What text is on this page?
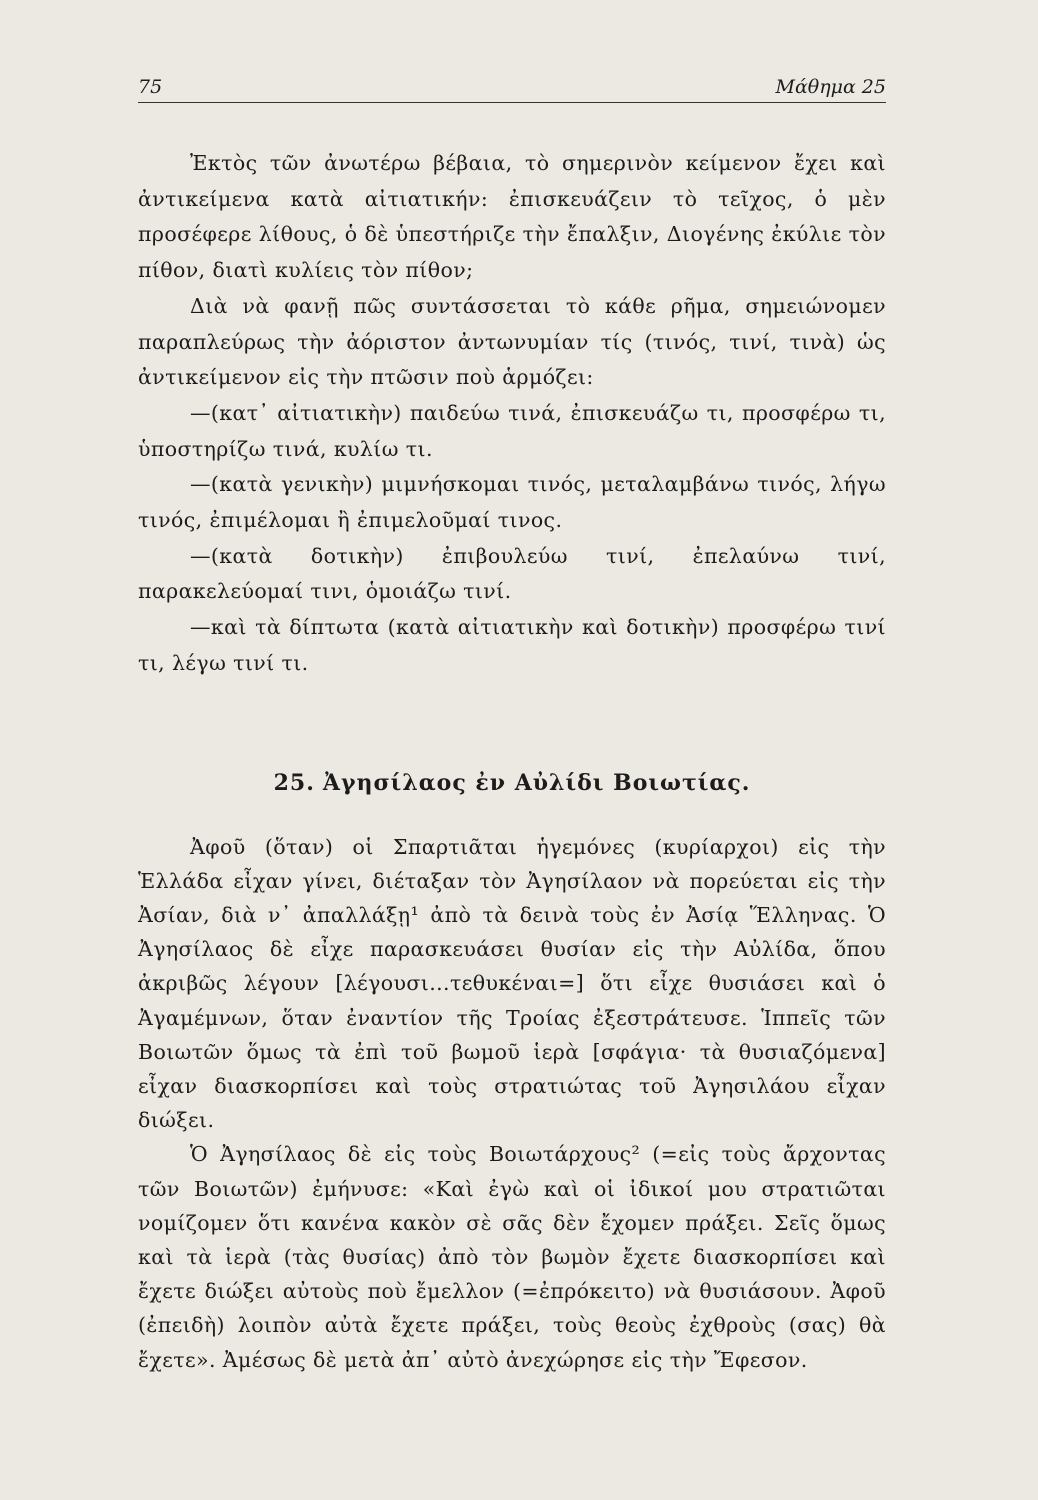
75	Μάθημα 25

Ἐκτὸς τῶν ἀνωτέρω βέβαια, τὸ σημερινὸν κείμενον ἔχει καὶ ἀντικείμενα κατὰ αἰτιατικήν: ἐπισκευάζειν τὸ τεῖχος, ὁ μὲν προσέφερε λίθους, ὁ δὲ ὑπεστήριζε τὴν ἔπαλξιν, Διογένης ἐκύλιε τὸν πίθον, διατὶ κυλίεις τὸν πίθον;

Διὰ νὰ φανῇ πῶς συντάσσεται τὸ κάθε ρῆμα, σημειώνομεν παραπλεύρως τὴν ἀόριστον ἀντωνυμίαν τίς (τινός, τινί, τινὰ) ὡς ἀντικείμενον εἰς τὴν πτῶσιν ποὺ ἁρμόζει:

—(κατ᾽ αἰτιατικὴν) παιδεύω τινά, ἐπισκευάζω τι, προσφέρω τι, ὑποστηρίζω τινά, κυλίω τι.

—(κατὰ γενικὴν) μιμνήσκομαι τινός, μεταλαμβάνω τινός, λήγω τινός, ἐπιμέλομαι ἢ ἐπιμελοῦμαί τινος.

—(κατὰ δοτικὴν) ἐπιβουλεύω τινί, ἐπελαύνω τινί, παρακελεύομαί τινι, ὁμοιάζω τινί.

—καὶ τὰ δίπτωτα (κατὰ αἰτιατικὴν καὶ δοτικὴν) προσφέρω τινί τι, λέγω τινί τι.

25. Ἀγησίλαος ἐν Αὐλίδι Βοιωτίας.

Ἀφοῦ (ὅταν) οἱ Σπαρτιᾶται ἡγεμόνες (κυρίαρχοι) εἰς τὴν Ἑλλάδα εἶχαν γίνει, διέταξαν τὸν Ἀγησίλαον νὰ πορεύεται εἰς τὴν Ἀσίαν, διὰ ν᾽ ἀπαλλάξῃ¹ ἀπὸ τὰ δεινὰ τοὺς ἐν Ἀσίᾳ Ἕλληνας. Ὁ Ἀγησίλαος δὲ εἶχε παρασκευάσει θυσίαν εἰς τὴν Αὐλίδα, ὅπου ἀκριβῶς λέγουν [λέγουσι...τεθυκέναι=] ὅτι εἶχε θυσιάσει καὶ ὁ Ἀγαμέμνων, ὅταν ἐναντίον τῆς Τροίας ἐξεστράτευσε. Ἱππεῖς τῶν Βοιωτῶν ὅμως τὰ ἐπὶ τοῦ βωμοῦ ἱερὰ [σφάγια· τὰ θυσιαζόμενα] εἶχαν διασκορπίσει καὶ τοὺς στρατιώτας τοῦ Ἀγησιλάου εἶχαν διώξει.

Ὁ Ἀγησίλαος δὲ εἰς τοὺς Βοιωτάρχους² (=εἰς τοὺς ἄρχοντας τῶν Βοιωτῶν) ἐμήνυσε: «Καὶ ἐγὼ καὶ οἱ ἰδικοί μου στρατιῶται νομίζομεν ὅτι κανένα κακὸν σὲ σᾶς δὲν ἔχομεν πράξει. Σεῖς ὅμως καὶ τὰ ἱερὰ (τὰς θυσίας) ἀπὸ τὸν βωμὸν ἔχετε διασκορπίσει καὶ ἔχετε διώξει αὐτοὺς ποὺ ἔμελλον (=ἐπρόκειτο) νὰ θυσιάσουν. Ἀφοῦ (ἐπειδὴ) λοιπὸν αὐτὰ ἔχετε πράξει, τοὺς θεοὺς ἐχθροὺς (σας) θὰ ἔχετε». Ἀμέσως δὲ μετὰ ἀπ᾽ αὐτὸ ἀνεχώρησε εἰς τὴν Ἔφεσον.
